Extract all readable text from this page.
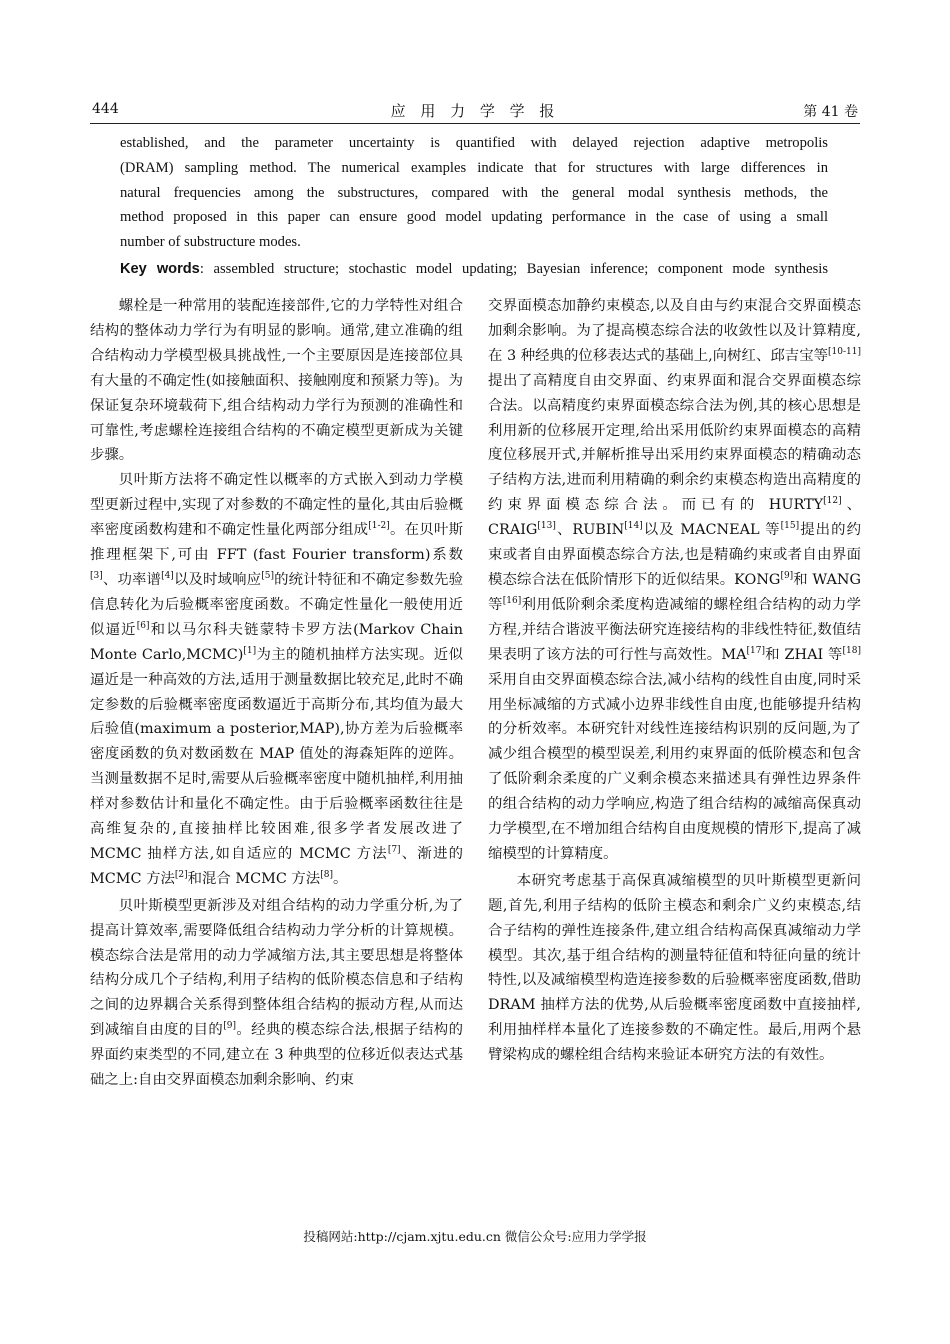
444	应 用 力 学 学 报	第 41 卷
established, and the parameter uncertainty is quantified with delayed rejection adaptive metropolis
(DRAM) sampling method. The numerical examples indicate that for structures with large differences in
natural frequencies among the substructures, compared with the general modal synthesis methods, the
method proposed in this paper can ensure good model updating performance in the case of using a small
number of substructure modes.
Key words: assembled structure; stochastic model updating; Bayesian inference; component mode synthesis

螺栓是一种常用的装配连接部件,它的力学特性对组合结构的整体动力学行为有明显的影响。通常,建立准确的组合结构动力学模型极具挑战性,一个主要原因是连接部位具有大量的不确定性(如接触面积、接触刚度和预紧力等)。为保证复杂环境载荷下,组合结构动力学行为预测的准确性和可靠性,考虑螺栓连接组合结构的不确定模型更新成为关键步骤。

贝叶斯方法将不确定性以概率的方式嵌入到动力学模型更新过程中,实现了对参数的不确定性的量化,其由后验概率密度函数构建和不确定性量化两部分组成[1-2]。在贝叶斯推理框架下,可由 FFT (fast Fourier transform)系数[3]、功率谱[4]以及时域响应[5]的统计特征和不确定参数先验信息转化为后验概率密度函数。不确定性量化一般使用近似逼近[6]和以马尔科夫链蒙特卡罗方法(Markov Chain Monte Carlo,MCMC)[1]为主的随机抽样方法实现。近似逼近是一种高效的方法,适用于测量数据比较充足,此时不确定参数的后验概率密度函数逼近于高斯分布,其均值为最大后验值(maximum a posterior,MAP),协方差为后验概率密度函数的负对数函数在 MAP 值处的海森矩阵的逆阵。当测量数据不足时,需要从后验概率密度中随机抽样,利用抽样对参数估计和量化不确定性。由于后验概率函数往往是高维复杂的,直接抽样比较困难,很多学者发展改进了 MCMC 抽样方法,如自适应的 MCMC 方法[7]、渐进的 MCMC 方法[2]和混合 MCMC 方法[8]。

贝叶斯模型更新涉及对组合结构的动力学重分析,为了提高计算效率,需要降低组合结构动力学分析的计算规模。模态综合法是常用的动力学减缩方法,其主要思想是将整体结构分成几个子结构,利用子结构的低阶模态信息和子结构之间的边界耦合关系得到整体组合结构的振动方程,从而达到减缩自由度的目的[9]。经典的模态综合法,根据子结构的界面约束类型的不同,建立在 3 种典型的位移近似表达式基础之上:自由交界面模态加剩余影响、约束

交界面模态加静约束模态,以及自由与约束混合交界面模态加剩余影响。为了提高模态综合法的收敛性以及计算精度,在 3 种经典的位移表达式的基础上,向树红、邱吉宝等[10-11]提出了高精度自由交界面、约束界面和混合交界面模态综合法。以高精度约束界面模态综合法为例,其的核心思想是利用新的位移展开定理,给出采用低阶约束界面模态的高精度位移展开式,并解析推导出采用约束界面模态的精确动态子结构方法,进而利用精确的剩余约束模态构造出高精度的约束界面模态综合法。而已有的 HURTY[12]、CRAIG[13]、RUBIN[14]以及 MACNEAL 等[15]提出的约束或者自由界面模态综合方法,也是精确约束或者自由界面模态综合法在低阶情形下的近似结果。KONG[9]和 WANG 等[16]利用低阶剩余柔度构造减缩的螺栓组合结构的动力学方程,并结合谐波平衡法研究连接结构的非线性特征,数值结果表明了该方法的可行性与高效性。MA[17]和 ZHAI 等[18]采用自由交界面模态综合法,减小结构的线性自由度,同时采用坐标减缩的方式减小边界非线性自由度,也能够提升结构的分析效率。本研究针对线性连接结构识别的反问题,为了减少组合模型的模型误差,利用约束界面的低阶模态和包含了低阶剩余柔度的广义剩余模态来描述具有弹性边界条件的组合结构的动力学响应,构造了组合结构的减缩高保真动力学模型,在不增加组合结构自由度规模的情形下,提高了减缩模型的计算精度。

本研究考虑基于高保真减缩模型的贝叶斯模型更新问题,首先,利用子结构的低阶主模态和剩余广义约束模态,结合子结构的弹性连接条件,建立组合结构高保真减缩动力学模型。其次,基于组合结构的测量特征值和特征向量的统计特性,以及减缩模型构造连接参数的后验概率密度函数,借助 DRAM 抽样方法的优势,从后验概率密度函数中直接抽样,利用抽样样本量化了连接参数的不确定性。最后,用两个悬臂梁构成的螺栓组合结构来验证本研究方法的有效性。

投稿网站:http://cjam.xjtu.edu.cn 微信公众号:应用力学学报
